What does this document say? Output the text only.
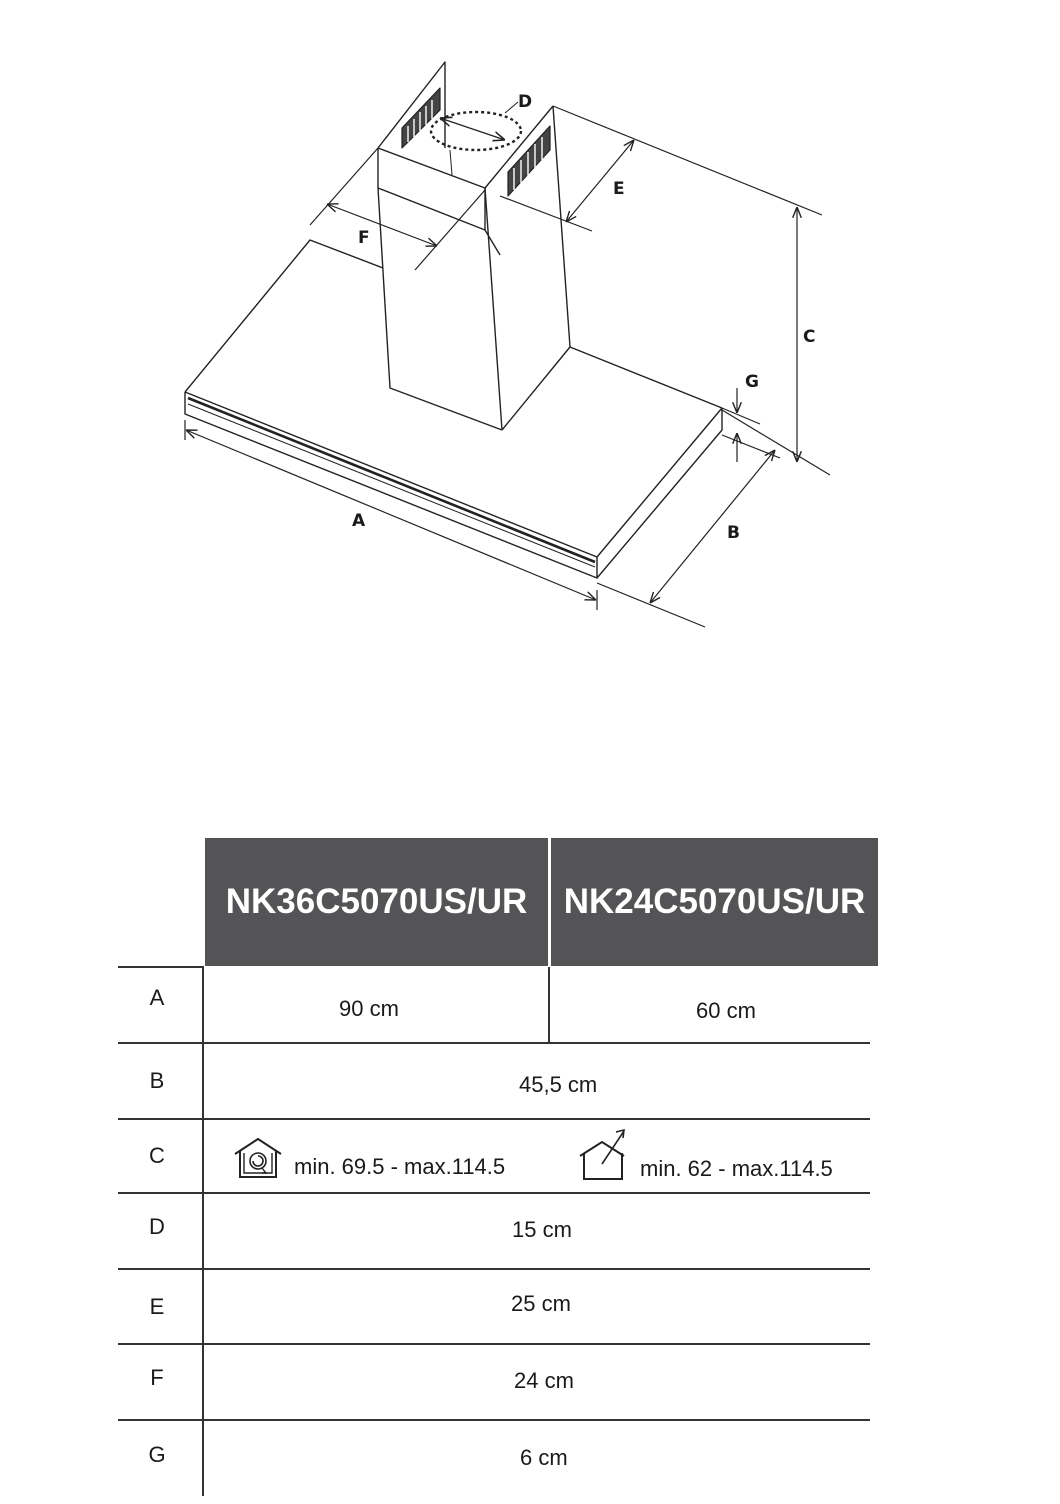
A
B
C
D
E
F
G
NK36C5070US/UR	NK24C5070US/UR
A	90 cm	60 cm
B	45,5 cm
C	min. 69.5 - max.114.5	min. 62 - max.114.5
D	15 cm
E	25 cm
F	24 cm
G	6 cm
